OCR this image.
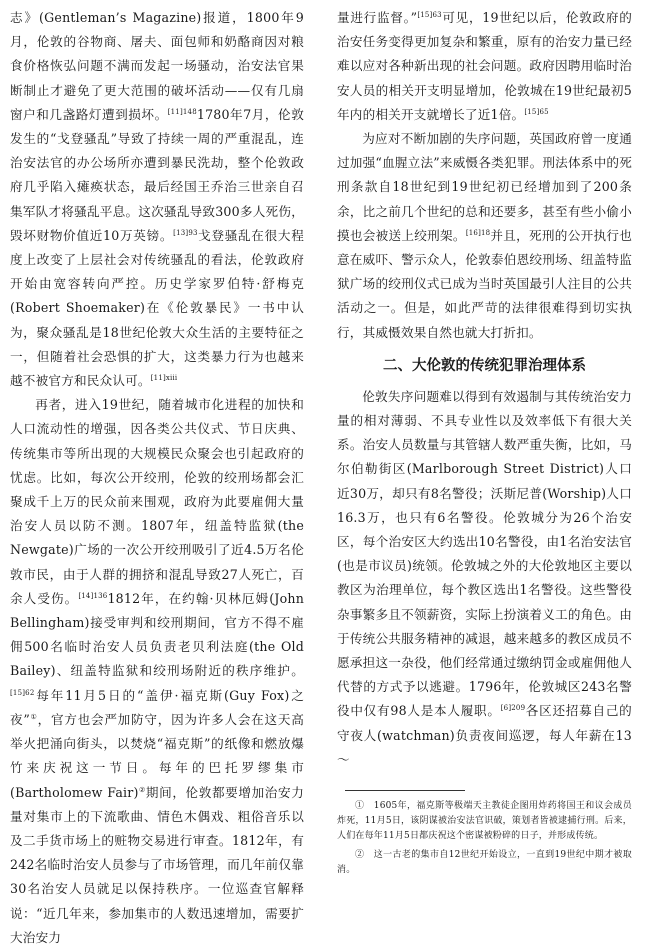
志》(Gentleman’s Magazine)报道，1800年9月，伦敦的谷物商、屠夫、面包师和奶酪商因对粮食价格恢弘问题不满而发起一场骚动，治安法官果断制止才避免了更大范围的破坏活动——仅有几扇窗户和几盏路灯遭到损坏。$^{[11]148}$1780年7月，伦敦发生的“戈登骚乱”导致了持续一周的严重混乱，连治安法官的办公场所亦遭到暴民洗劫，整个伦敦政府几乎陷入瘫痪状态，最后经国王乔治三世亲自召集军队才将骚乱平息。这次骚乱导致300多人死伤，毁坏财物价值近10万英镑。$^{[13]93}$戈登骚乱在很大程度上改变了上层社会对传统骚乱的看法，伦敦政府开始由宽容转向严控。历史学家罗伯特·舒梅克(Robert Shoemaker)在《伦敦暴民》一书中认为，聚众骚乱是18世纪伦敦大众生活的主要特征之一，但随着社会恐惧的扩大，这类暴力行为也越来越不被官方和民众认可。$^{[11]xiii}$

再者，进入19世纪，随着城市化进程的加快和人口流动性的增强，因各类公共仪式、节日庆典、传统集市等所出现的大规模民众聚会也引起政府的忧虑。比如，每次公开绞刑，伦敦的绞刑场都会汇聚成千上万的民众前来围观，政府为此要雇佣大量治安人员以防不测。1807年，纽盖特监狱(the Newgate)广场的一次公开绞刑吸引了近4.5万名伦敦市民，由于人群的拥挤和混乱导致27人死亡，百余人受伤。$^{[14]136}$1812年，在约翰·贝林厄姆(John Bellingham)接受审判和绞刑期间，官方不得不雇佣500名临时治安人员负责老贝利法庭(the Old Bailey)、纽盖特监狱和绞刑场附近的秩序维护。$^{[15]62}$每年11月5日的“盖伊·福克斯(Guy Fox)之夜”①，官方也会严加防守，因为许多人会在这天高举火把涌向街头，以焚烧“福克斯”的纸像和燃放爆竹来庆祝这一节日。每年的巴托罗缪集市(Bartholomew Fair)②期间，伦敦都要增加治安力量对集市上的下流歌曲、情色木偶戏、粗俗音乐以及二手货市场上的赃物交易进行审查。1812年，有242名临时治安人员参与了市场管理，而几年前仅靠30名治安人员就足以保持秩序。一位巡查官解释说：“近几年来，参加集市的人数迅速增加，需要扩大治安力

量进行监督。”$^{[15]63}$可见，19世纪以后，伦敦政府的治安任务变得更加复杂和繁重，原有的治安力量已经难以应对各种新出现的社会问题。政府因聘用临时治安人员的相关开支明显增加，伦敦城在19世纪最初5年内的相关开支就增长了近1倍。$^{[15]65}$

为应对不断加剧的失序问题，英国政府曾一度通过加强“血腥立法”来威慑各类犯罪。刑法体系中的死刑条款自18世纪到19世纪初已经增加到了200条余，比之前几个世纪的总和还要多，甚至有些小偷小摸也会被送上绞刑架。$^{[16]18}$并且，死刑的公开执行也意在威吓、警示众人，伦敦泰伯恩绞刑场、纽盖特监狱广场的绞刑仪式已成为当时英国最引人注目的公共活动之一。但是，如此严苛的法律很难得到切实执行，其威慑效果自然也就大打折扣。

二、大伦敦的传统犯罪治理体系

伦敦失序问题难以得到有效遏制与其传统治安力量的相对薄弱、不具专业性以及效率低下有很大关系。治安人员数量与其管辖人数严重失衡，比如，马尔伯勒街区(Marlborough Street District)人口近30万，却只有8名警役；沃斯尼普(Worship)人口16.3万，也只有6名警役。伦敦城分为26个治安区，每个治安区大约选出10名警役，由1名治安法官(也是市议员)统领。伦敦城之外的大伦敦地区主要以教区为治理单位，每个教区选出1名警役。这些警役杂事繁多且不领薪资，实际上扮演着义工的角色。由于传统公共服务精神的减退，越来越多的教区成员不愿承担这一杂役，他们经常通过缴纳罚金或雇佣他人代替的方式予以逃避。1796年，伦敦城区243名警役中仅有98人是本人履职。$^{[6]209}$各区还招募自己的守夜人(watchman)负责夜间巡逻，每人年薪在13～

①　 1605年，福克斯等极端天主教徒企图用炸药将国王和议会成员炸死，11月5日，该阴谋被治安法官识破，策划者皆被逮捕行刑。后来，人们在每年11月5日都庆祝这个密谋被粉碎的日子，并形成传统。

②　 这一古老的集市自12世纪开始设立，一直到19世纪中期才被取消。
